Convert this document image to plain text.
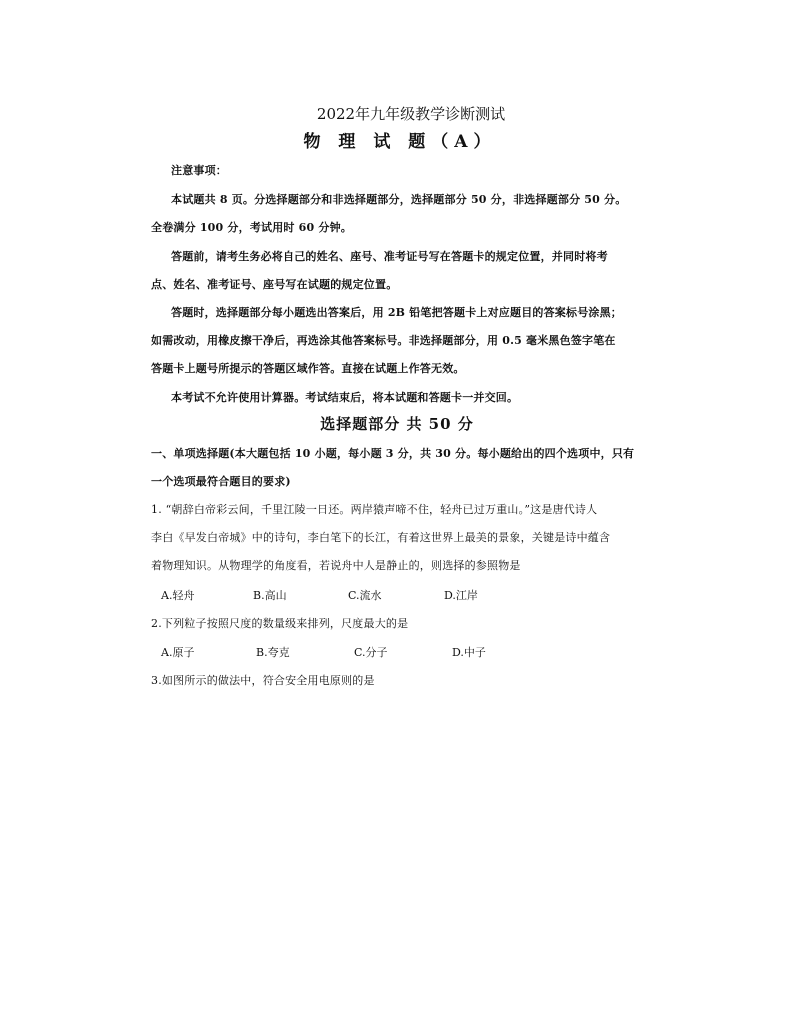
2022年九年级教学诊断测试
物 理 试 题（A）
注意事项：
本试题共 8 页。分选择题部分和非选择题部分，选择题部分 50 分，非选择题部分 50 分。
全卷满分 100 分，考试用时 60 分钟。
答题前，请考生务必将自己的姓名、座号、准考证号写在答题卡的规定位置，并同时将考
点、姓名、准考证号、座号写在试题的规定位置。
答题时，选择题部分每小题选出答案后，用 2B 铅笔把答题卡上对应题目的答案标号涂黑；
如需改动，用橡皮擦干净后，再选涂其他答案标号。非选择题部分，用 0.5 毫米黑色签字笔在
答题卡上题号所提示的答题区域作答。直接在试题上作答无效。
本考试不允许使用计算器。考试结束后，将本试题和答题卡一并交回。
选择题部分 共 50 分
一、单项选择题(本大题包括 10 小题，每小题 3 分，共 30 分。每小题给出的四个选项中，只有
一个选项最符合题目的要求)
1. “朝辞白帝彩云间，千里江陵一日还。两岸猿声啼不住，轻舟已过万重山。”这是唐代诗人
李白《早发白帝城》中的诗句，李白笔下的长江，有着这世界上最美的景象，关键是诗中蕴含
着物理知识。从物理学的角度看，若说舟中人是静止的，则选择的参照物是
A.轻舟	B.高山	C.流水	D.江岸
2.下列粒子按照尺度的数量级来排列，尺度最大的是
A.原子	B.夸克	C.分子	D.中子
3.如图所示的做法中，符合安全用电原则的是
